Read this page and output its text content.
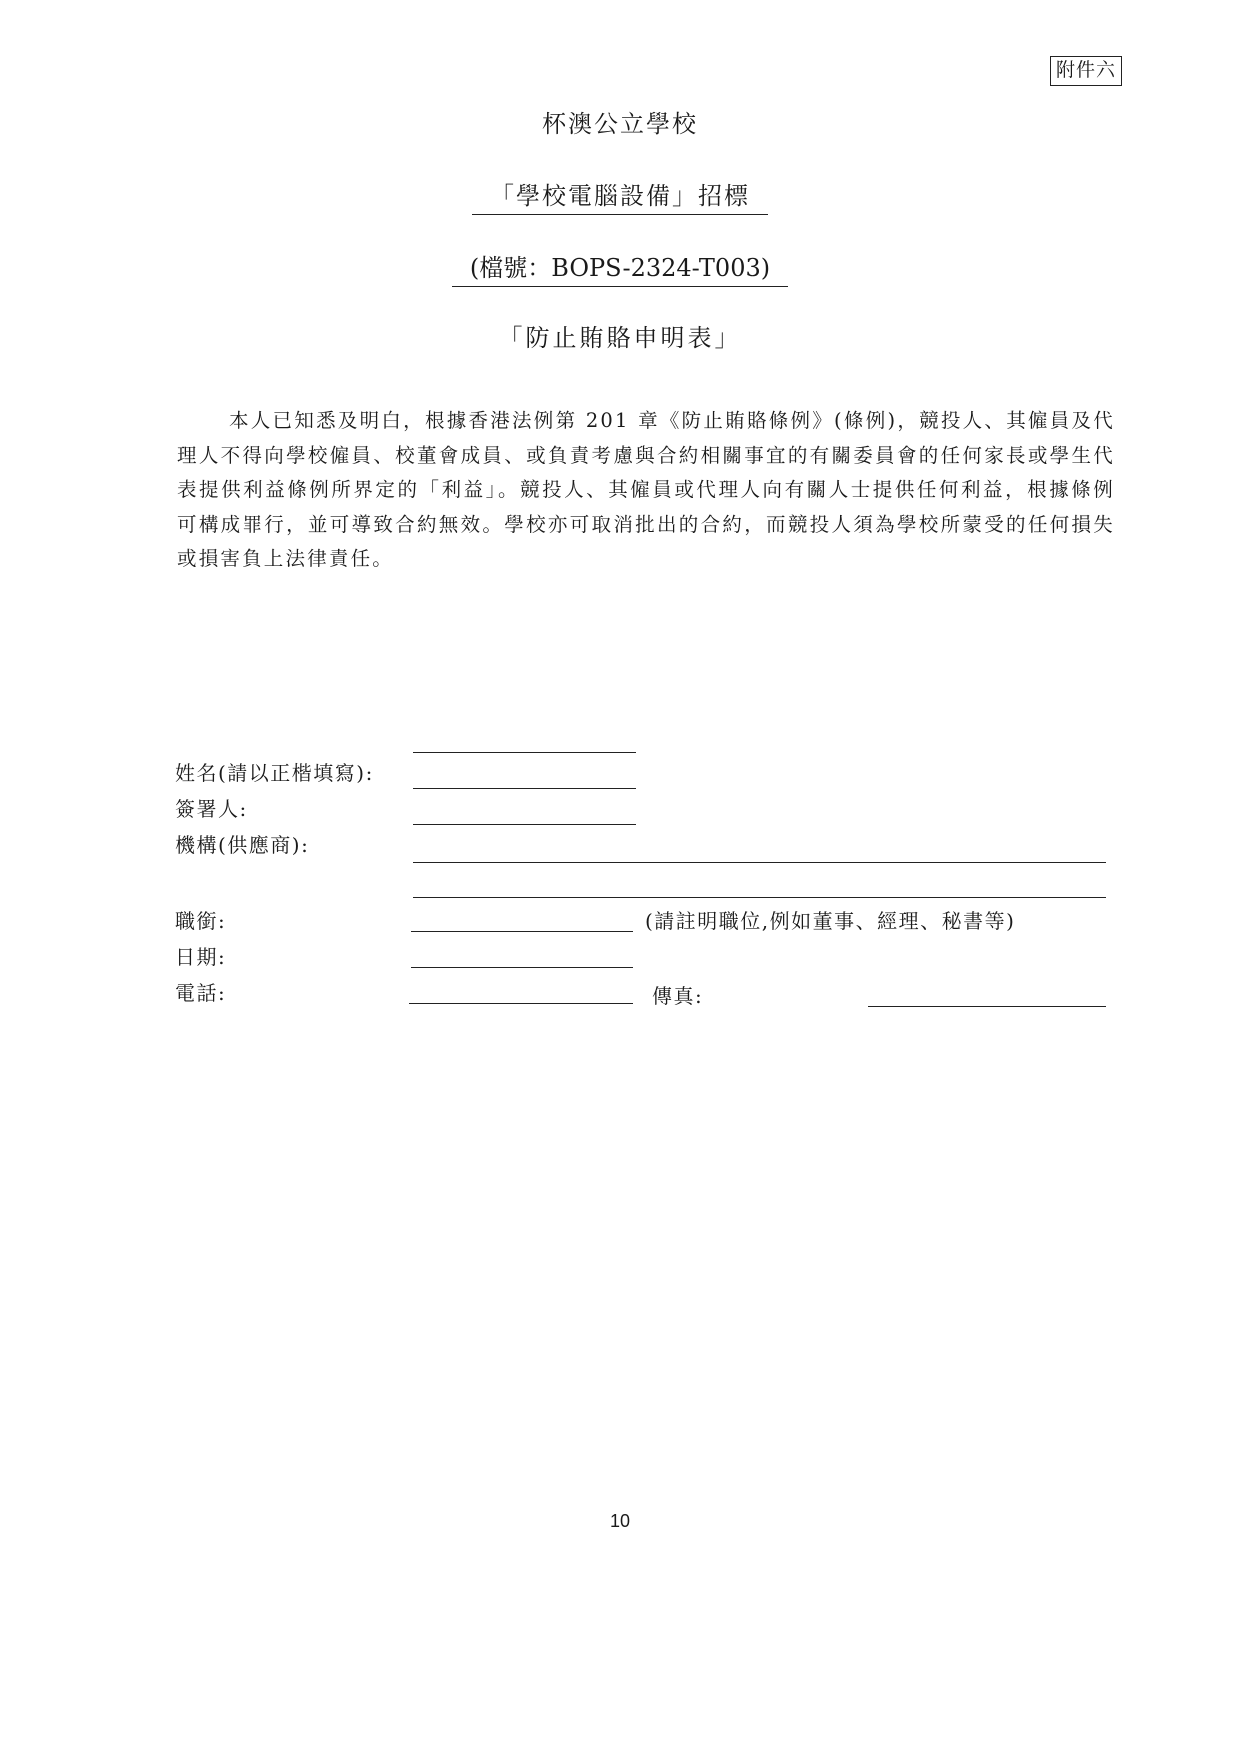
附件六
杯澳公立學校
「學校電腦設備」招標
(檔號：BOPS-2324-T003)
「防止賄賂申明表」
本人已知悉及明白，根據香港法例第 201 章《防止賄賂條例》(條例)，競投人、其僱員及代理人不得向學校僱員、校董會成員、或負責考慮與合約相關事宜的有關委員會的任何家長或學生代表提供利益條例所界定的「利益」。競投人、其僱員或代理人向有關人士提供任何利益，根據條例可構成罪行，並可導致合約無效。學校亦可取消批出的合約，而競投人須為學校所蒙受的任何損失或損害負上法律責任。
姓名(請以正楷填寫):
簽署人:
機構(供應商):
職銜:	(請註明職位,例如董事、經理、秘書等)
日期:
電話:	傳真:
10
